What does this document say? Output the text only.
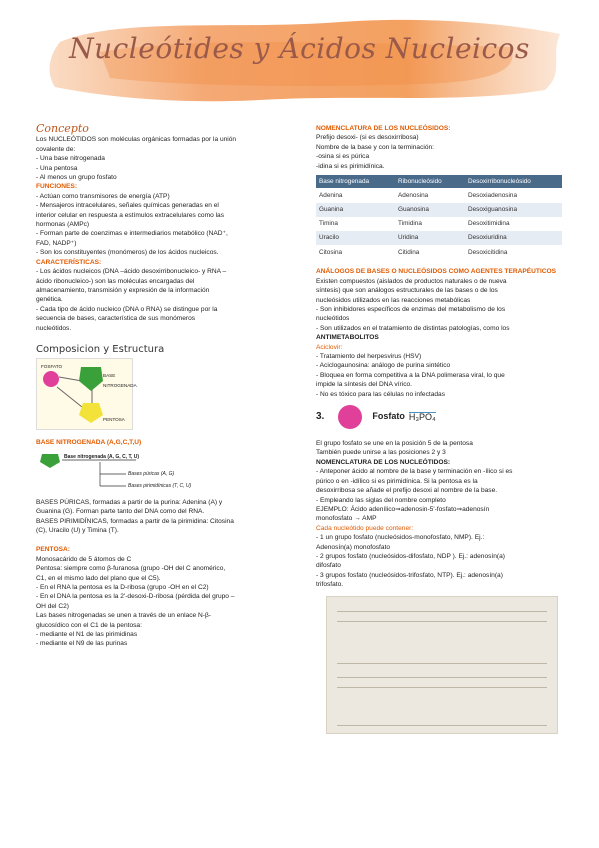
Nucleótides y Ácidos Nucleicos
Concepto

Los NUCLEÓTIDOS son moléculas orgánicas formadas por la unión

covalente de:

- Una base nitrogenada

- Una pentosa

- Al menos un grupo fosfato

FUNCIONES:

- Actúan como transmisores de energía (ATP)

- Mensajeros intracelulares, señales químicas generadas en el

interior celular en respuesta a estímulos extracelulares como las

hormonas (AMPc)

- Forman parte de coenzimas e intermediarios metabólico (NAD⁺,

FAD, NADP⁺)

- Son los constituyentes (monómeros) de los ácidos nucleicos.

CARACTERÍSTICAS:

- Los ácidos nucleicos (DNA –ácido desoxirribonucleico- y RNA –

ácido ribonucleico-) son las moléculas encargadas del

almacenamiento, transmisión y expresión de la información

genética.

- Cada tipo de ácido nucleico (DNA o RNA) se distingue por la

secuencia de bases, característica de sus monómeros

nucleótidos.

Composicion y Estructura
FOSFATO
BASE NITROGENADA
PENTOSA

BASE NITROGENADA (A,G,C,T,U)

Base nitrogenada (A, G, C, T, U)
Bases púricas (A, G)
Bases pirimidínicas (T, C, U)

BASES PÚRICAS, formadas a partir de la purina: Adenina (A) y

Guanina (G). Forman parte tanto del DNA como del RNA.

BASES PIRIMIDÍNICAS, formadas a partir de la pirimidina: Citosina

(C), Uracilo (U) y Timina (T).

PENTOSA:

Monosacárido de 5 átomos de C

Pentosa: siempre como β-furanosa (grupo -OH del C anomérico,

C1, en el mismo lado del plano que el C5).

- En el RNA la pentosa es la D-ribosa (grupo -OH en el C2)

- En el DNA la pentosa es la 2'-desoxi-D-ribosa (pérdida del grupo –

OH del C2)

Las bases nitrogenadas se unen a través de un enlace N-β-

glucosídico con el C1 de la pentosa:

- mediante el N1 de las pirimidinas

- mediante el N9 de las purinas

NOMENCLATURA DE LOS NUCLEÓSIDOS:

Prefijo desoxi- (si es desoxirribosa)

Nombre de la base y con la terminación:

-osina si es púrica

-idina si es pirimidínica.

Base nitrogenada	Ribonucleósido	Desoxirribonucleósido
Adenina	Adenosina	Desoxiadenosina
Guanina	Guanosina	Desoxiguanosina
Timina	Timidina	Desoxitimidina
Uracilo	Uridina	Desoxiuridina
Citosina	Citidina	Desoxicitidina

ANÁLOGOS DE BASES O NUCLEÓSIDOS COMO AGENTES TERAPÉUTICOS

Existen compuestos (aislados de productos naturales o de nueva

síntesis) que son análogos estructurales de las bases o de los

nucleósidos utilizados en las reacciones metabólicas

- Son inhibidores específicos de enzimas del metabolismo de los

nucleótidos

- Son utilizados en el tratamiento de distintas patologías, como los

ANTIMETABOLITOS

Aciclovir:

- Tratamiento del herpesvirus (HSV)

- Aciclogaunosina: análogo de purina sintético

- Bloquea en forma competitiva a la DNA polimerasa viral, lo que

impide la síntesis del DNA vírico.

- No es tóxico para las células no infectadas

3.	Fosfato H₃PO₄

El grupo fosfato se une en la posición 5 de la pentosa

También puede unirse a las posiciones 2 y 3

NOMENCLATURA DE LOS NUCLEÓTIDOS:

- Anteponer ácido al nombre de la base y terminación en -ílico si es

púrico o en -idílico si es pirimidínica. Si la pentosa es la

desoxirribosa se añade el prefijo desoxi al nombre de la base.

- Empleando las siglas del nombre completo

EJEMPLO: Ácido adenílico⇒adenosin-5'-fosfato⇒adenosín

monofosfato → AMP

Cada nucleótido puede contener:

- 1 un grupo fosfato (nucleósidos-monofosfato, NMP). Ej.:

Adenosín(a) monofosfato

- 2 grupos fosfato (nucleósidos-difosfato, NDP ). Ej.: adenosín(a)

difosfato

- 3 grupos fosfato (nucleósidos-trifosfato, NTP). Ej.: adenosín(a)

trifosfato.
